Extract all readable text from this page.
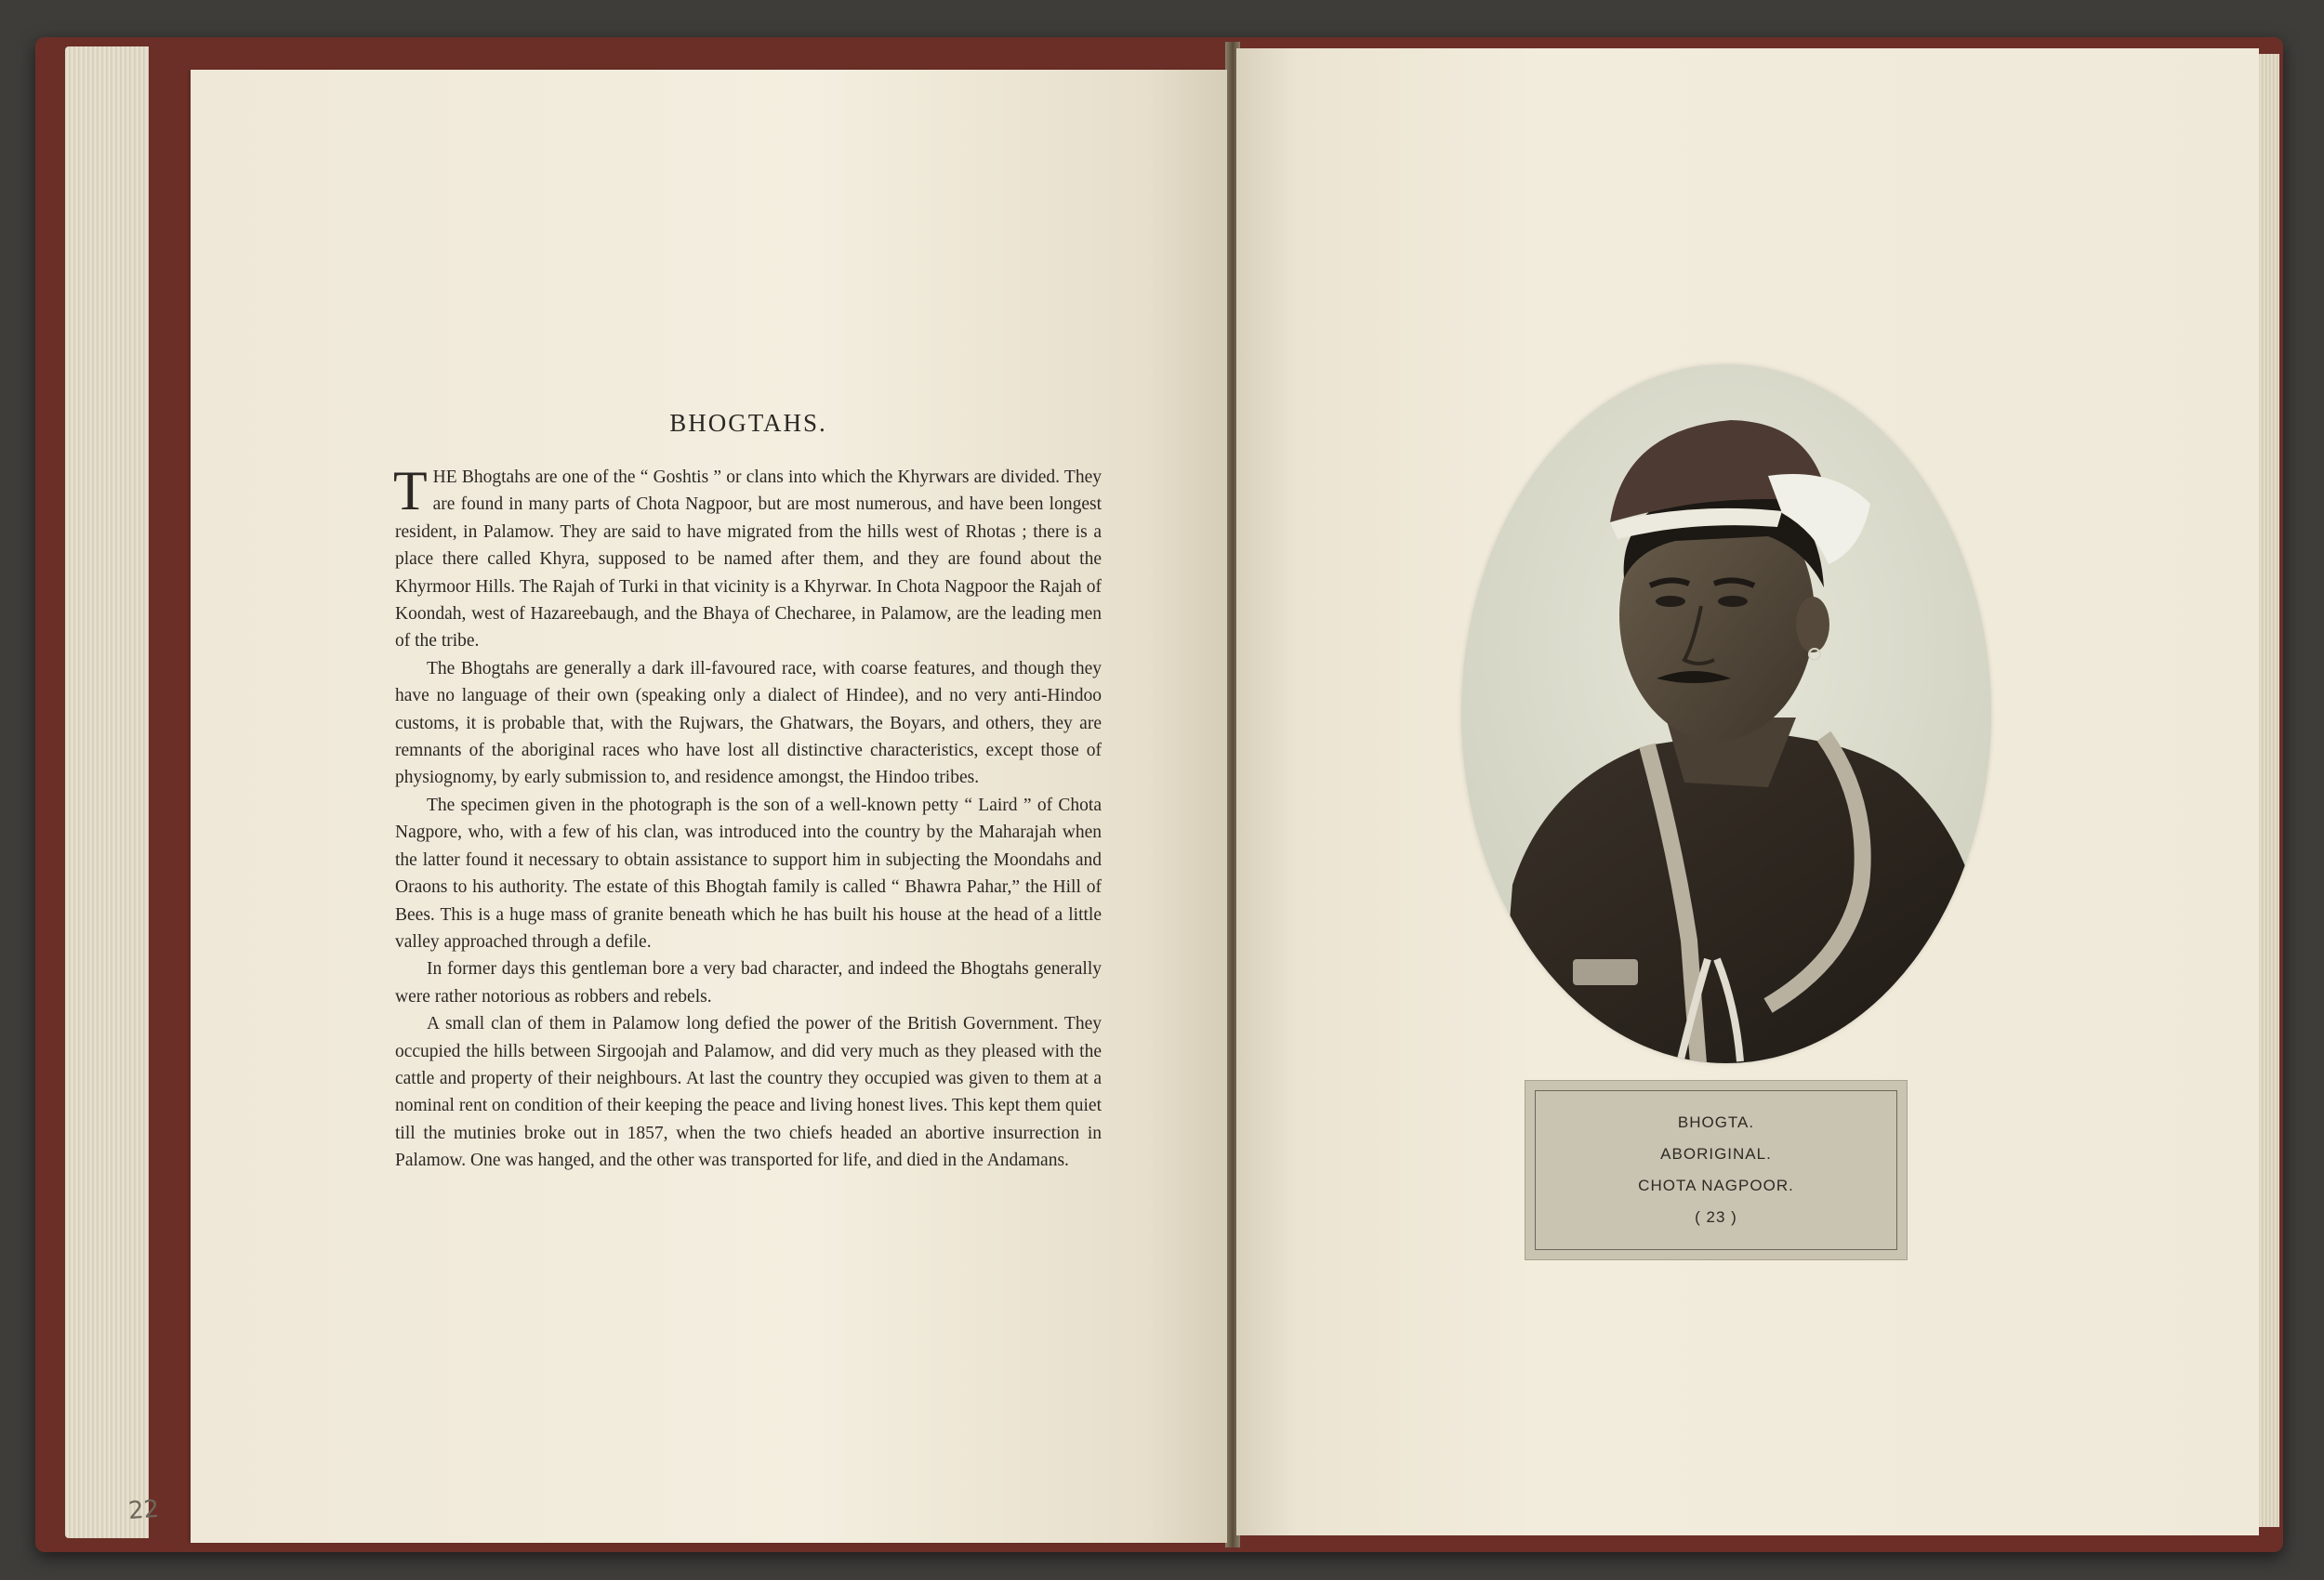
22
BHOGTAHS.

THE Bhogtahs are one of the “ Goshtis ” or clans into which the Khyrwars are divided. They are found in many parts of Chota Nagpoor, but are most numerous, and have been longest resident, in Palamow. They are said to have migrated from the hills west of Rhotas ; there is a place there called Khyra, supposed to be named after them, and they are found about the Khyrmoor Hills. The Rajah of Turki in that vicinity is a Khyrwar. In Chota Nagpoor the Rajah of Koondah, west of Hazareebaugh, and the Bhaya of Checharee, in Palamow, are the leading men of the tribe.

The Bhogtahs are generally a dark ill-favoured race, with coarse features, and though they have no language of their own (speaking only a dialect of Hindee), and no very anti-Hindoo customs, it is probable that, with the Rujwars, the Ghatwars, the Boyars, and others, they are remnants of the aboriginal races who have lost all distinctive characteristics, except those of physiognomy, by early submission to, and residence amongst, the Hindoo tribes.

The specimen given in the photograph is the son of a well-known petty “ Laird ” of Chota Nagpore, who, with a few of his clan, was introduced into the country by the Maharajah when the latter found it necessary to obtain assistance to support him in subjecting the Moondahs and Oraons to his authority. The estate of this Bhogtah family is called “ Bhawra Pahar,” the Hill of Bees. This is a huge mass of granite beneath which he has built his house at the head of a little valley approached through a defile.

In former days this gentleman bore a very bad character, and indeed the Bhogtahs generally were rather notorious as robbers and rebels.

A small clan of them in Palamow long defied the power of the British Government. They occupied the hills between Sirgoojah and Palamow, and did very much as they pleased with the cattle and property of their neighbours. At last the country they occupied was given to them at a nominal rent on condition of their keeping the peace and living honest lives. This kept them quiet till the mutinies broke out in 1857, when the two chiefs headed an abortive insurrection in Palamow. One was hanged, and the other was transported for life, and died in the Andamans.

BHOGTA.
ABORIGINAL.
CHOTA NAGPOOR.
( 23 )
